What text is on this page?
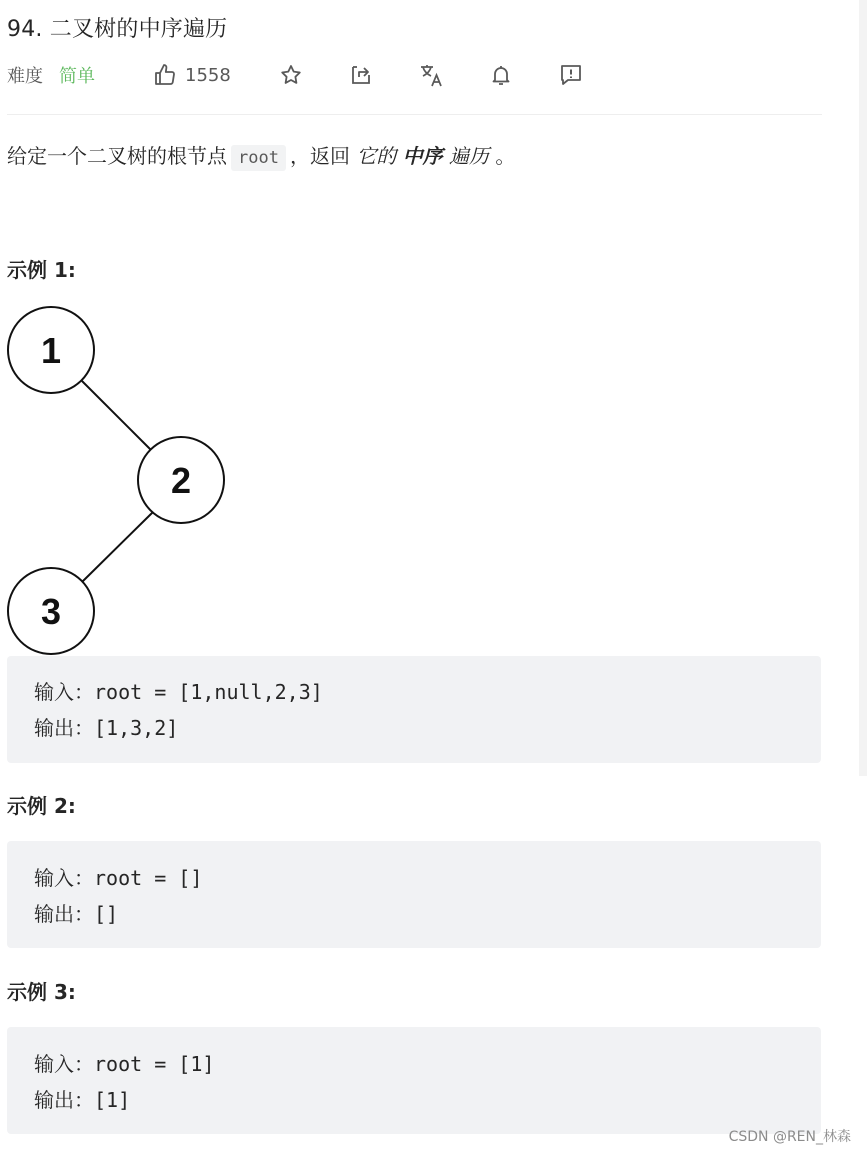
94. 二叉树的中序遍历
难度 简单	1558
给定一个二叉树的根节点 root ，返回 它的 中序 遍历 。
示例 1:
1
2
3
输入：root = [1,null,2,3]
输出：[1,3,2]
示例 2:
输入：root = []
输出：[]
示例 3:
输入：root = [1]
输出：[1]
CSDN @REN_林森
